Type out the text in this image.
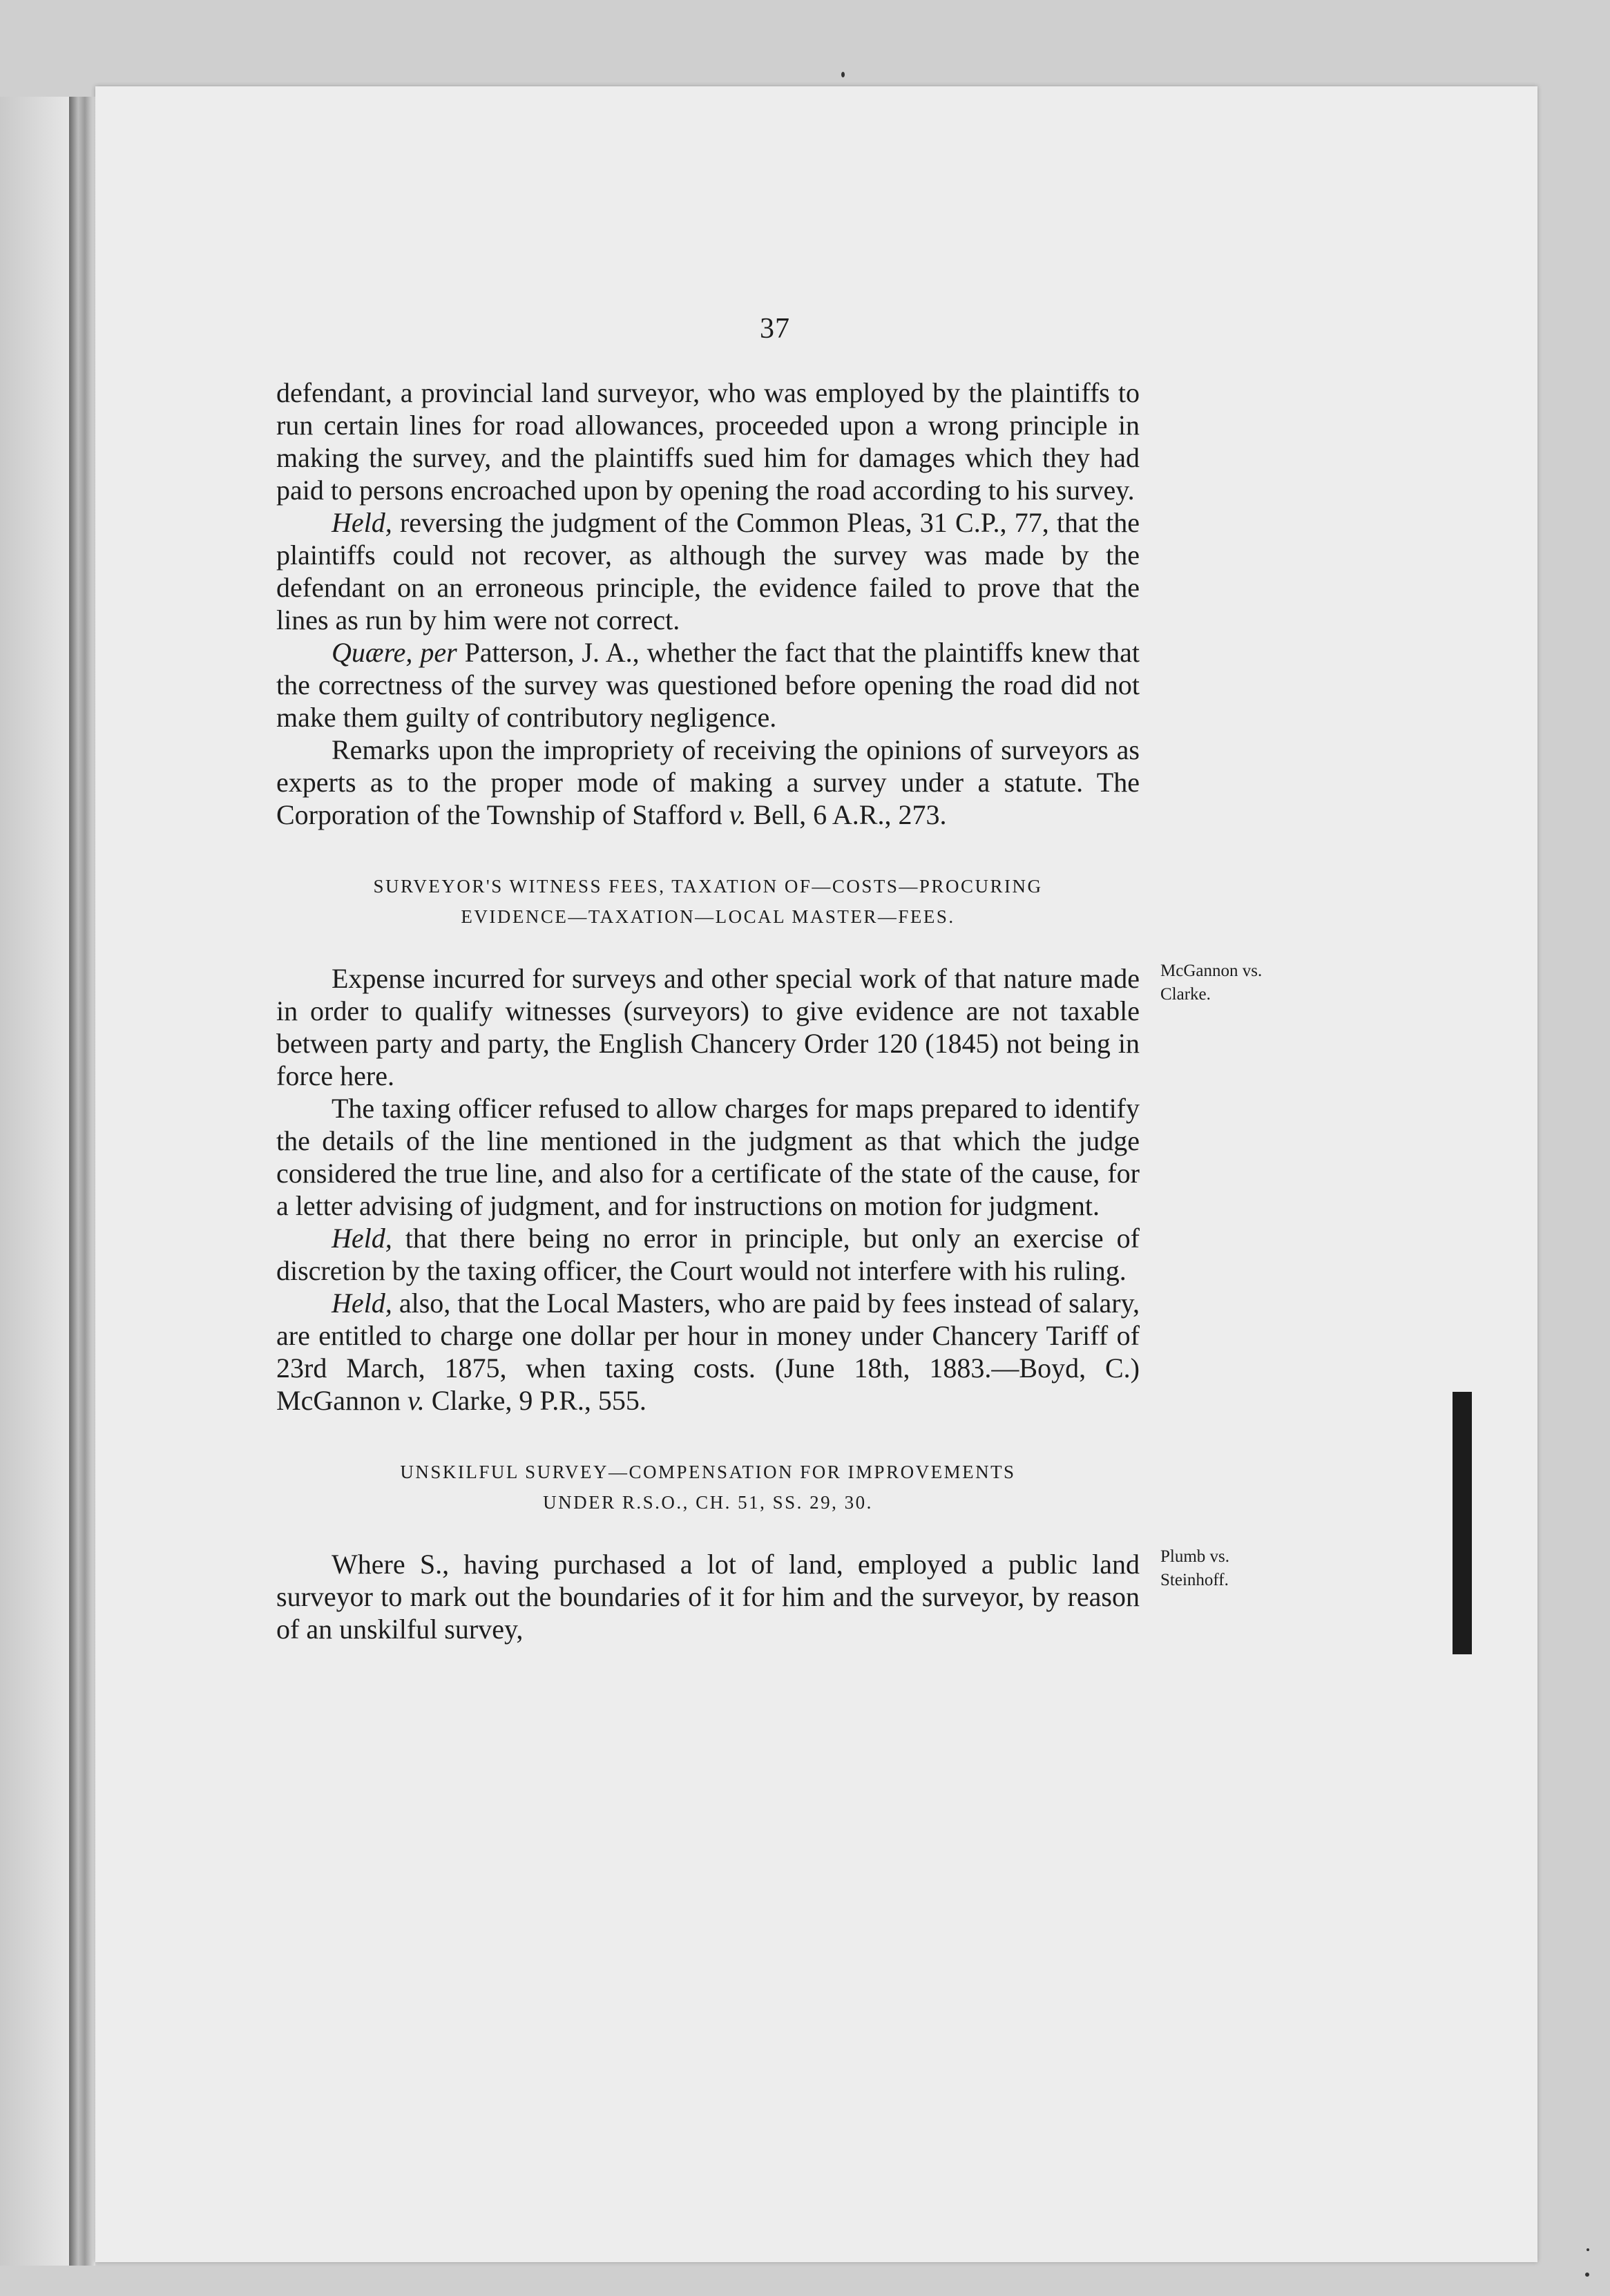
37

defendant, a provincial land surveyor, who was employed by the plaintiffs to run certain lines for road allowances, proceeded upon a wrong principle in making the survey, and the plaintiffs sued him for damages which they had paid to persons encroached upon by opening the road according to his survey.

Held, reversing the judgment of the Common Pleas, 31 C.P., 77, that the plaintiffs could not recover, as although the survey was made by the defendant on an erroneous principle, the evidence failed to prove that the lines as run by him were not correct.

Quære, per Patterson, J. A., whether the fact that the plaintiffs knew that the correctness of the survey was questioned before opening the road did not make them guilty of contributory negligence.

Remarks upon the impropriety of receiving the opinions of surveyors as experts as to the proper mode of making a survey under a statute. The Corporation of the Township of Stafford v. Bell, 6 A.R., 273.

SURVEYOR'S WITNESS FEES, TAXATION OF—COSTS—PROCURING

EVIDENCE—TAXATION—LOCAL MASTER—FEES.

Expense incurred for surveys and other special work of that nature made in order to qualify witnesses (surveyors) to give evidence are not taxable between party and party, the English Chancery Order 120 (1845) not being in force here.

The taxing officer refused to allow charges for maps prepared to identify the details of the line mentioned in the judgment as that which the judge considered the true line, and also for a certificate of the state of the cause, for a letter advising of judgment, and for instructions on motion for judgment.

Held, that there being no error in principle, but only an exercise of discretion by the taxing officer, the Court would not interfere with his ruling.

Held, also, that the Local Masters, who are paid by fees instead of salary, are entitled to charge one dollar per hour in money under Chancery Tariff of 23rd March, 1875, when taxing costs. (June 18th, 1883.—Boyd, C.) McGannon v. Clarke, 9 P.R., 555.

UNSKILFUL SURVEY—COMPENSATION FOR IMPROVEMENTS

UNDER R.S.O., CH. 51, SS. 29, 30.

Where S., having purchased a lot of land, employed a public land surveyor to mark out the boundaries of it for him and the surveyor, by reason of an unskilful survey,

McGannon vs.
Clarke.
Plumb vs.
Steinhoff.
